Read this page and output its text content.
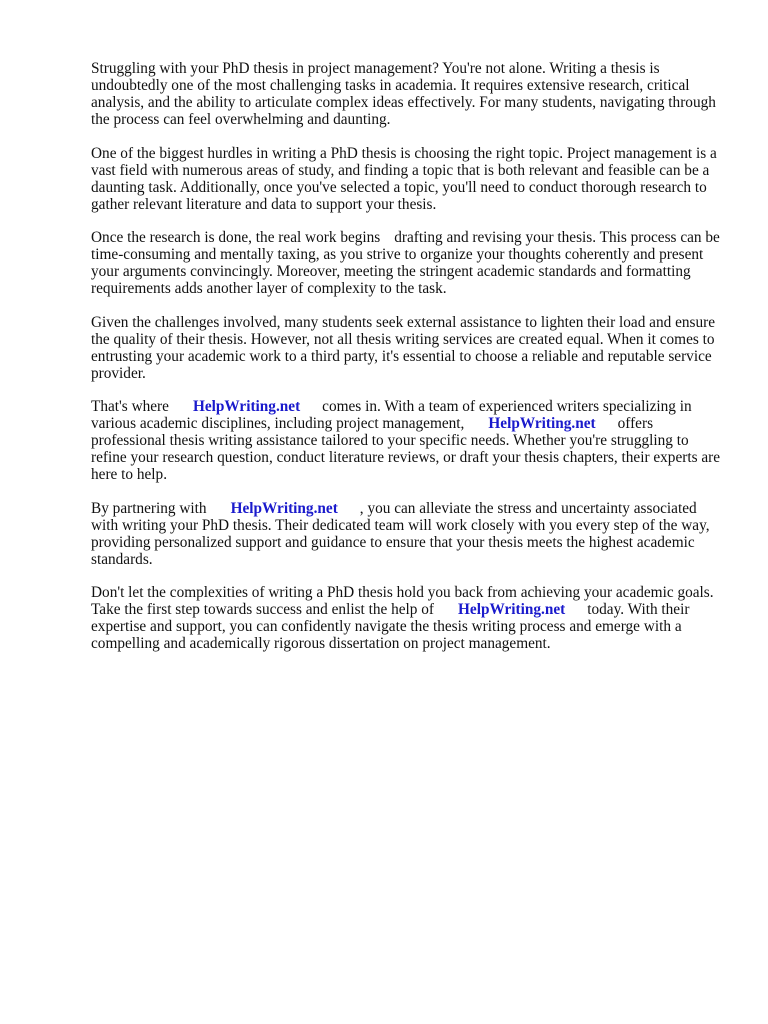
Struggling with your PhD thesis in project management? You're not alone. Writing a thesis is undoubtedly one of the most challenging tasks in academia. It requires extensive research, critical analysis, and the ability to articulate complex ideas effectively. For many students, navigating through the process can feel overwhelming and daunting.

One of the biggest hurdles in writing a PhD thesis is choosing the right topic. Project management is a vast field with numerous areas of study, and finding a topic that is both relevant and feasible can be a daunting task. Additionally, once you've selected a topic, you'll need to conduct thorough research to gather relevant literature and data to support your thesis.

Once the research is done, the real work begins drafting and revising your thesis. This process can be time-consuming and mentally taxing, as you strive to organize your thoughts coherently and present your arguments convincingly. Moreover, meeting the stringent academic standards and formatting requirements adds another layer of complexity to the task.

Given the challenges involved, many students seek external assistance to lighten their load and ensure the quality of their thesis. However, not all thesis writing services are created equal. When it comes to entrusting your academic work to a third party, it's essential to choose a reliable and reputable service provider.

That's where HelpWriting.net comes in. With a team of experienced writers specializing in various academic disciplines, including project management, HelpWriting.net offers professional thesis writing assistance tailored to your specific needs. Whether you're struggling to refine your research question, conduct literature reviews, or draft your thesis chapters, their experts are here to help.

By partnering with HelpWriting.net , you can alleviate the stress and uncertainty associated with writing your PhD thesis. Their dedicated team will work closely with you every step of the way, providing personalized support and guidance to ensure that your thesis meets the highest academic standards.

Don't let the complexities of writing a PhD thesis hold you back from achieving your academic goals. Take the first step towards success and enlist the help of HelpWriting.net today. With their expertise and support, you can confidently navigate the thesis writing process and emerge with a compelling and academically rigorous dissertation on project management.
